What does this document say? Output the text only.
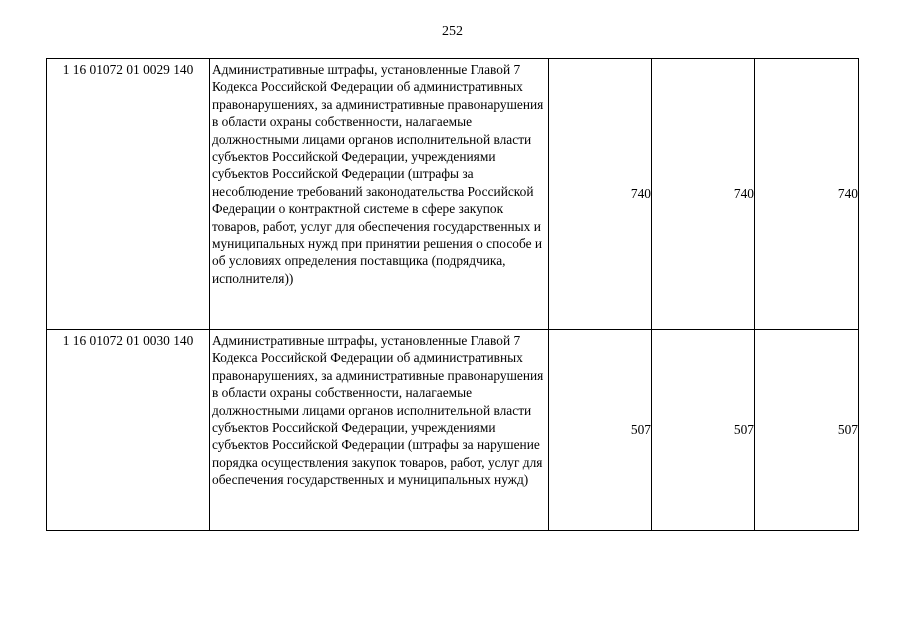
252
1 16 01072 01 0029 140	Административные штрафы, установленные Главой 7 Кодекса Российской Федерации об административных правонарушениях, за административные правонарушения в области охраны собственности, налагаемые должностными лицами органов исполнительной власти субъектов Российской Федерации, учреждениями субъектов Российской Федерации (штрафы за несоблюдение требований законодательства Российской Федерации о контрактной системе в сфере закупок товаров, работ, услуг для обеспечения государственных и муниципальных нужд при принятии решения о способе и об условиях определения поставщика (подрядчика, исполнителя))	740	740	740
1 16 01072 01 0030 140	Административные штрафы, установленные Главой 7 Кодекса Российской Федерации об административных правонарушениях, за административные правонарушения в области охраны собственности, налагаемые должностными лицами органов исполнительной власти субъектов Российской Федерации, учреждениями субъектов Российской Федерации (штрафы за нарушение порядка осуществления закупок товаров, работ, услуг для обеспечения государственных и муниципальных нужд)	507	507	507
